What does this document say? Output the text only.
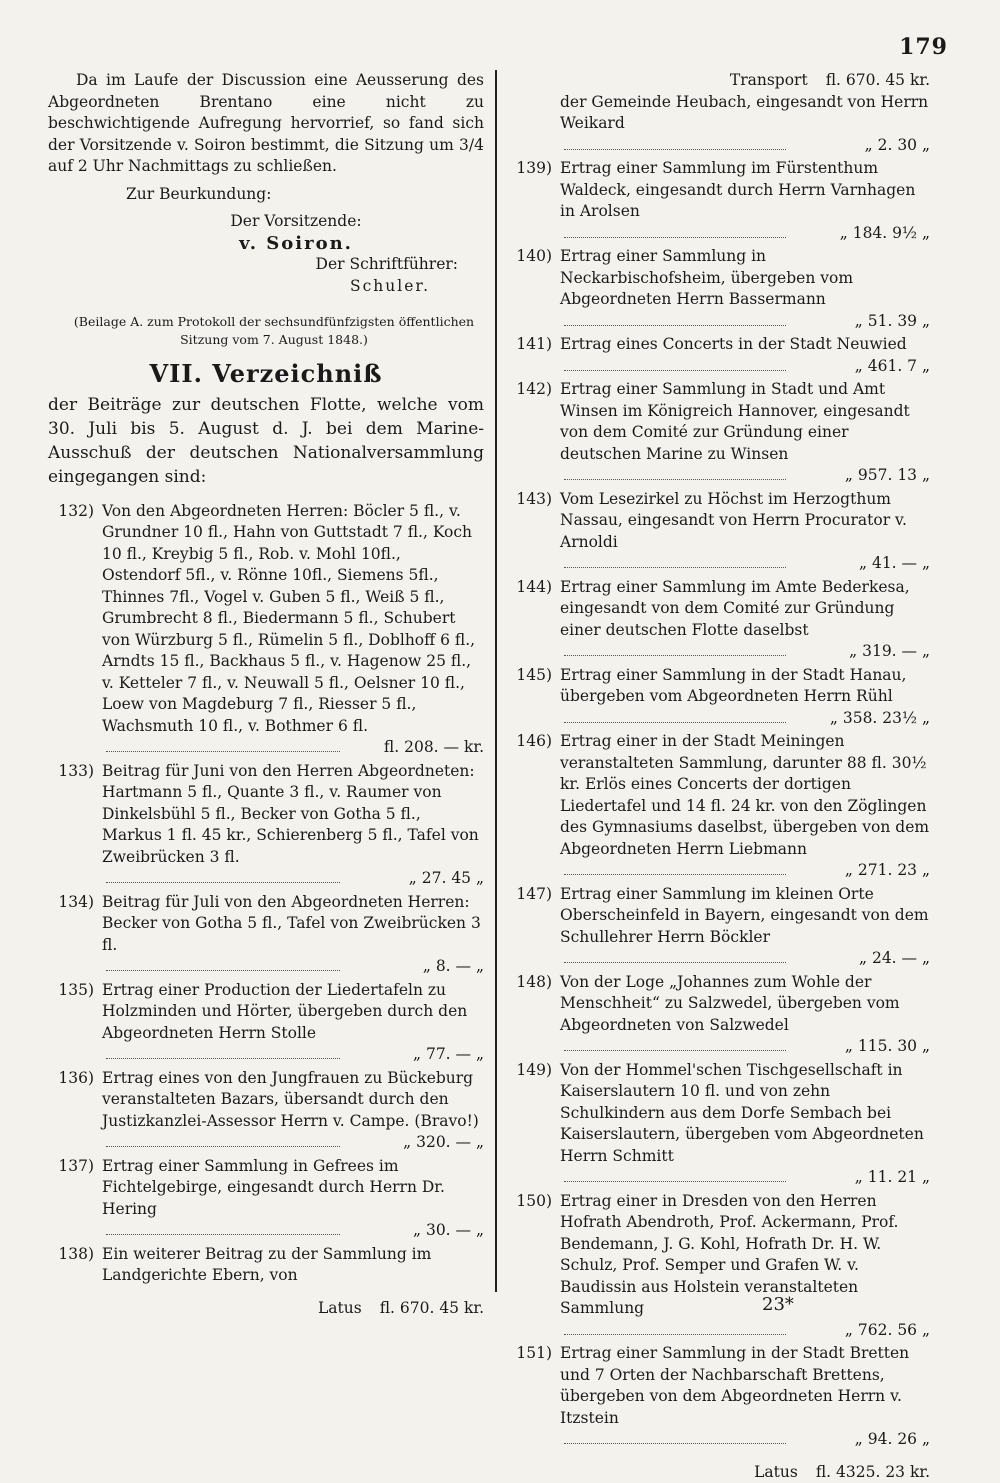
179

Da im Laufe der Discussion eine Aeusserung des Abgeordneten Brentano eine nicht zu beschwichtigende Aufregung hervorrief, so fand sich der Vorsitzende v. Soiron bestimmt, die Sitzung um 3/4 auf 2 Uhr Nachmittags zu schließen.

Zur Beurkundung:
Der Vorsitzende:
v. Soiron.
Der Schriftführer:
Schuler.
(Beilage A. zum Protokoll der sechsundfünfzigsten öffentlichen Sitzung vom 7. August 1848.)
VII. Verzeichniß
der Beiträge zur deutschen Flotte, welche vom 30. Juli bis 5. August d. J. bei dem Marine-Ausschuß der deutschen Nationalversammlung eingegangen sind:
132) Von den Abgeordneten Herren: Böcler 5 fl., v. Grundner 10 fl., Hahn von Guttstadt 7 fl., Koch 10 fl., Kreybig 5 fl., Rob. v. Mohl 10fl., Ostendorf 5fl., v. Rönne 10fl., Siemens 5fl., Thinnes 7fl., Vogel v. Guben 5 fl., Weiß 5 fl., Grumbrecht 8 fl., Biedermann 5 fl., Schubert von Würzburg 5 fl., Rümelin 5 fl., Doblhoff 6 fl., Arndts 15 fl., Backhaus 5 fl., v. Hagenow 25 fl., v. Ketteler 7 fl., v. Neuwall 5 fl., Oelsner 10 fl., Loew von Magdeburg 7 fl., Riesser 5 fl., Wachsmuth 10 fl., v. Bothmer 6 fl.
fl. 208. — kr.
133) Beitrag für Juni von den Herren Abgeordneten: Hartmann 5 fl., Quante 3 fl., v. Raumer von Dinkelsbühl 5 fl., Becker von Gotha 5 fl., Markus 1 fl. 45 kr., Schierenberg 5 fl., Tafel von Zweibrücken 3 fl.
„ 27. 45 „
134) Beitrag für Juli von den Abgeordneten Herren: Becker von Gotha 5 fl., Tafel von Zweibrücken 3 fl.
„ 8. — „
135) Ertrag einer Production der Liedertafeln zu Holzminden und Hörter, übergeben durch den Abgeordneten Herrn Stolle
„ 77. — „
136) Ertrag eines von den Jungfrauen zu Bückeburg veranstalteten Bazars, übersandt durch den Justizkanzlei-Assessor Herrn v. Campe. (Bravo!)
„ 320. — „
137) Ertrag einer Sammlung in Gefrees im Fichtelgebirge, eingesandt durch Herrn Dr. Hering
„ 30. — „
138) Ein weiterer Beitrag zu der Sammlung im Landgerichte Ebern, von
Latus fl. 670. 45 kr.
Transport fl. 670. 45 kr.
der Gemeinde Heubach, eingesandt von Herrn Weikard
„ 2. 30 „
139) Ertrag einer Sammlung im Fürstenthum Waldeck, eingesandt durch Herrn Varnhagen in Arolsen
„ 184. 9½ „
140) Ertrag einer Sammlung in Neckarbischofsheim, übergeben vom Abgeordneten Herrn Bassermann
„ 51. 39 „
141) Ertrag eines Concerts in der Stadt Neuwied
„ 461. 7 „
142) Ertrag einer Sammlung in Stadt und Amt Winsen im Königreich Hannover, eingesandt von dem Comité zur Gründung einer deutschen Marine zu Winsen
„ 957. 13 „
143) Vom Lesezirkel zu Höchst im Herzogthum Nassau, eingesandt von Herrn Procurator v. Arnoldi
„ 41. — „
144) Ertrag einer Sammlung im Amte Bederkesa, eingesandt von dem Comité zur Gründung einer deutschen Flotte daselbst
„ 319. — „
145) Ertrag einer Sammlung in der Stadt Hanau, übergeben vom Abgeordneten Herrn Rühl
„ 358. 23½ „
146) Ertrag einer in der Stadt Meiningen veranstalteten Sammlung, darunter 88 fl. 30½ kr. Erlös eines Concerts der dortigen Liedertafel und 14 fl. 24 kr. von den Zöglingen des Gymnasiums daselbst, übergeben von dem Abgeordneten Herrn Liebmann
„ 271. 23 „
147) Ertrag einer Sammlung im kleinen Orte Oberscheinfeld in Bayern, eingesandt von dem Schullehrer Herrn Böckler
„ 24. — „
148) Von der Loge „Johannes zum Wohle der Menschheit“ zu Salzwedel, übergeben vom Abgeordneten von Salzwedel
„ 115. 30 „
149) Von der Hommel'schen Tischgesellschaft in Kaiserslautern 10 fl. und von zehn Schulkindern aus dem Dorfe Sembach bei Kaiserslautern, übergeben vom Abgeordneten Herrn Schmitt
„ 11. 21 „
150) Ertrag einer in Dresden von den Herren Hofrath Abendroth, Prof. Ackermann, Prof. Bendemann, J. G. Kohl, Hofrath Dr. H. W. Schulz, Prof. Semper und Grafen W. v. Baudissin aus Holstein veranstalteten Sammlung
„ 762. 56 „
151) Ertrag einer Sammlung in der Stadt Bretten und 7 Orten der Nachbarschaft Brettens, übergeben von dem Abgeordneten Herrn v. Itzstein
„ 94. 26 „
Latus fl. 4325. 23 kr.
23*
